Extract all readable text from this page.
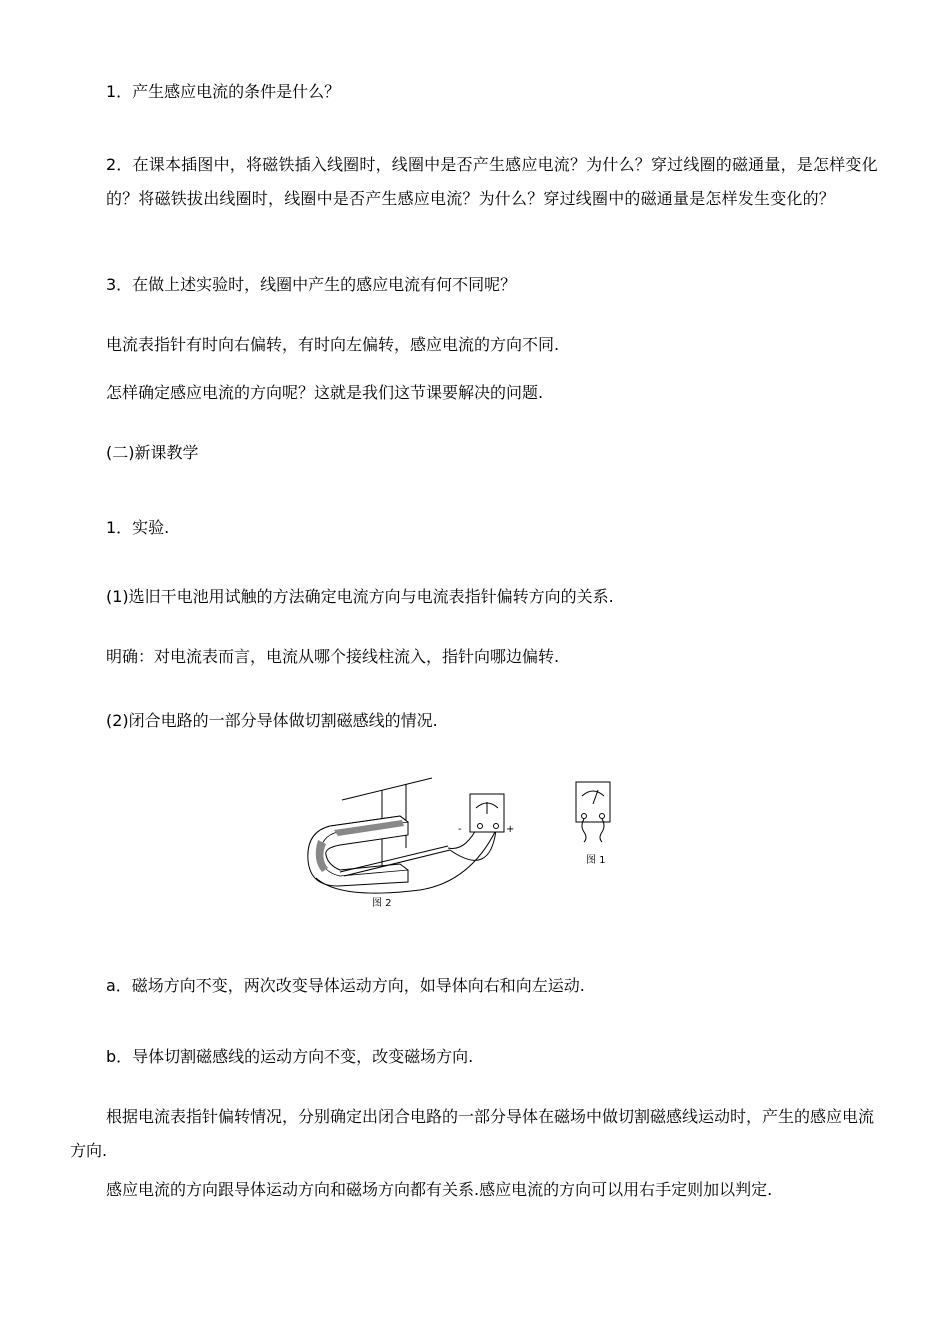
1．产生感应电流的条件是什么？
2．在课本插图中，将磁铁插入线圈时，线圈中是否产生感应电流？为什么？穿过线圈的磁通量，是怎样变化的？将磁铁拔出线圈时，线圈中是否产生感应电流？为什么？穿过线圈中的磁通量是怎样发生变化的？
3．在做上述实验时，线圈中产生的感应电流有何不同呢？
电流表指针有时向右偏转，有时向左偏转，感应电流的方向不同.
怎样确定感应电流的方向呢？这就是我们这节课要解决的问题.
(二)新课教学
1．实验.
(1)选旧干电池用试触的方法确定电流方向与电流表指针偏转方向的关系.
明确：对电流表而言，电流从哪个接线柱流入，指针向哪边偏转.
(2)闭合电路的一部分导体做切割磁感线的情况.
-	+
图 2
图 1
a．磁场方向不变，两次改变导体运动方向，如导体向右和向左运动.
b．导体切割磁感线的运动方向不变，改变磁场方向.
根据电流表指针偏转情况，分别确定出闭合电路的一部分导体在磁场中做切割磁感线运动时，产生的感应电流方向.
感应电流的方向跟导体运动方向和磁场方向都有关系.感应电流的方向可以用右手定则加以判定.
